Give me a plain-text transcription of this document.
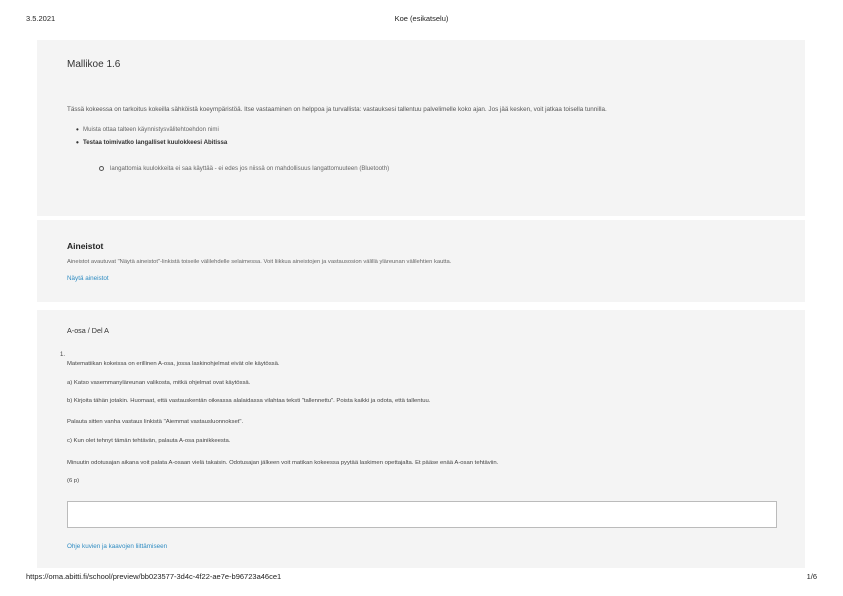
3.5.2021	Koe (esikatselu)
Mallikoe 1.6
Tässä kokeessa on tarkoitus kokeilla sähköistä koeympäristöä. Itse vastaaminen on helppoa ja turvallista: vastauksesi tallentuu palvelimelle koko ajan. Jos jää kesken, voit jatkaa toisella tunnilla.
• Muista ottaa talteen käynnistysvälitehtoehdon nimi
• Testaa toimivatko langalliset kuulokkeesi Abitissa
langattomia kuulokkeita ei saa käyttää - ei edes jos niissä on mahdollisuus langattomuuteen (Bluetooth)
Aineistot
Aineistot avautuvat "Näytä aineistot"-linkistä toiseile välilehdelle selaimessa. Voit liikkua aineistojen ja vastausosion välillä yläreunan välilehtien kautta.
Näytä aineistot
A-osa / Del A
1.
Matematiikan kokeissa on erillinen A-osa, jossa laskinohjelmat eivät ole käytössä.
a) Katso vasemmanyläreunan valikosta, mitkä ohjelmat ovat käytössä.
b) Kirjoita tähän jotakin. Huomaat, että vastauskentän oikeassa alalaidassa vilahtaa teksti "tallennettu". Poista kaikki ja odota, että tallentuu.
Palauta sitten vanha vastaus linkistä "Aiemmat vastausluonnokset".
c) Kun olet tehnyt tämän tehtävän, palauta A-osa painikkeesta.
Minuutin odotusajan aikana voit palata A-osaan vielä takaisin. Odotusajan jälkeen voit matikan kokeessa pyytää laskimen opettajalta. Et pääse enää A-osan tehtäviin.
(6 p)
Ohje kuvien ja kaavojen liittämiseen
https://oma.abitti.fi/school/preview/bb023577-3d4c-4f22-ae7e-b96723a46ce1	1/6
